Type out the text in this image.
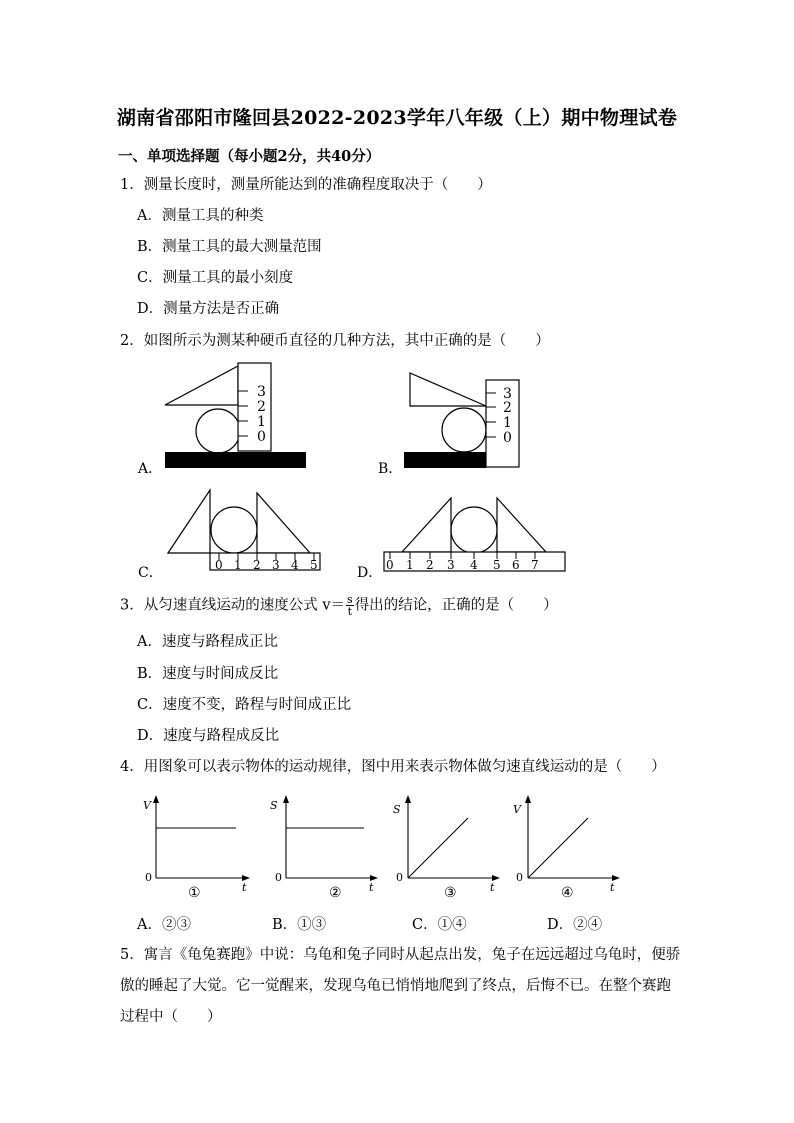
湖南省邵阳市隆回县2022-2023学年八年级（上）期中物理试卷
一、单项选择题（每小题2分，共40分）
1．测量长度时，测量所能达到的准确程度取决于（　　）
A．测量工具的种类
B．测量工具的最大测量范围
C．测量工具的最小刻度
D．测量方法是否正确
2．如图所示为测某种硬币直径的几种方法，其中正确的是（　　）
3
2
1
0
A．
3
2
1
0
B．
0 1 2 3 4 5
C．	0 1 2 3 4 5 6 7
D．
3．从匀速直线运动的速度公式 $v= \frac{s}{t}$ 得出的结论，正确的是（　　）
A．速度与路程成正比
B．速度与时间成反比
C．速度不变，路程与时间成正比
D．速度与路程成反比
4．用图象可以表示物体的运动规律，图中用来表示物体做匀速直线运动的是（　　）
V
0
t
①
S
0
t
②
S
0
t
③
V
0
t
④
A．②③	B．①③	C．①④	D．②④
5．寓言《龟兔赛跑》中说：乌龟和兔子同时从起点出发，兔子在远远超过乌龟时，便骄傲的睡起了大觉。它一觉醒来，发现乌龟已悄悄地爬到了终点，后悔不已。在整个赛跑过程中（　　）
